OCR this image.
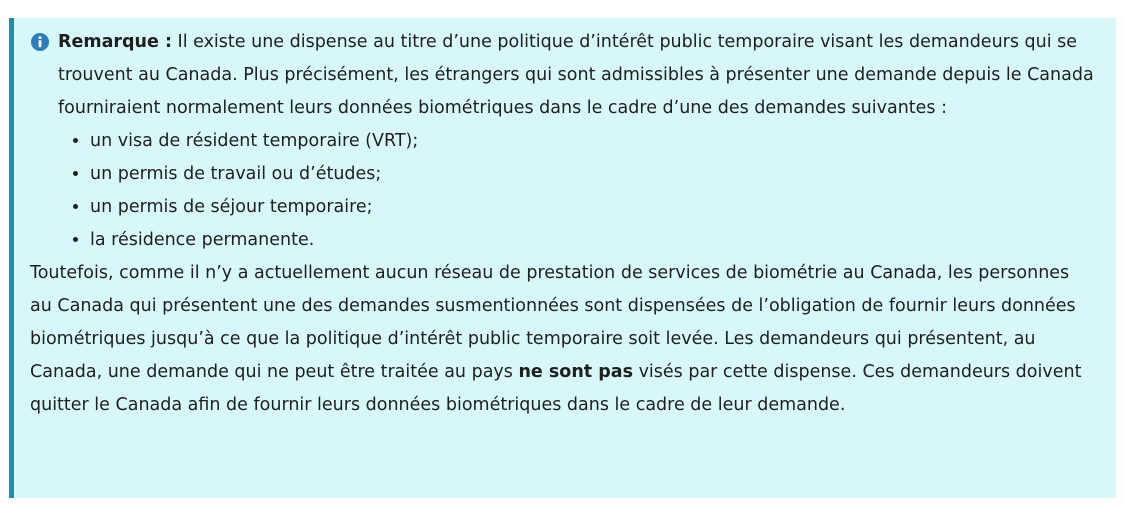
Remarque : Il existe une dispense au titre d’une politique d’intérêt public temporaire visant les demandeurs qui se trouvent au Canada. Plus précisément, les étrangers qui sont admissibles à présenter une demande depuis le Canada fourniraient normalement leurs données biométriques dans le cadre d’une des demandes suivantes :

• un visa de résident temporaire (VRT);
• un permis de travail ou d’études;
• un permis de séjour temporaire;
• la résidence permanente.

Toutefois, comme il n’y a actuellement aucun réseau de prestation de services de biométrie au Canada, les personnes au Canada qui présentent une des demandes susmentionnées sont dispensées de l’obligation de fournir leurs données biométriques jusqu’à ce que la politique d’intérêt public temporaire soit levée. Les demandeurs qui présentent, au Canada, une demande qui ne peut être traitée au pays ne sont pas visés par cette dispense. Ces demandeurs doivent quitter le Canada afin de fournir leurs données biométriques dans le cadre de leur demande.
